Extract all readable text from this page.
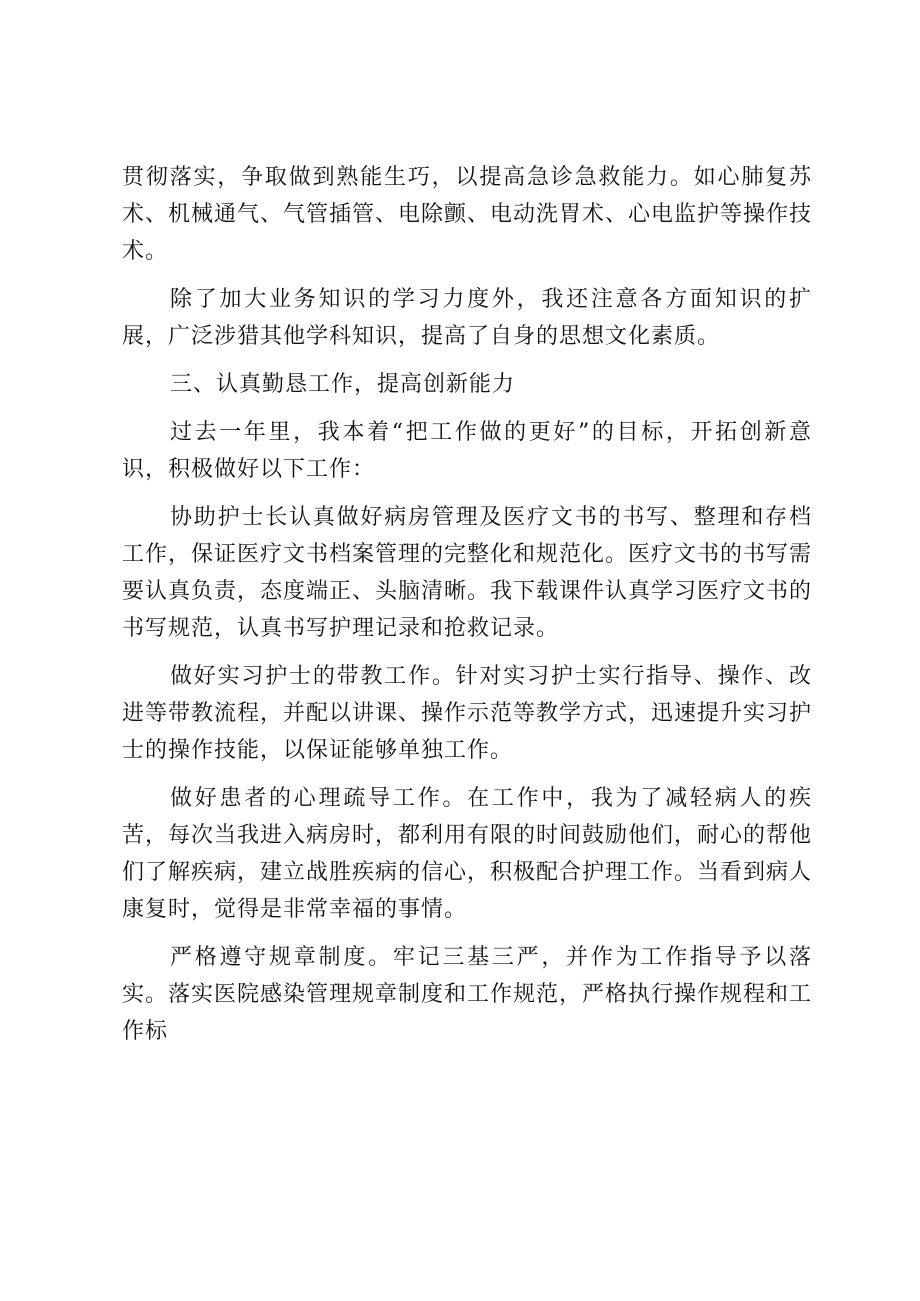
贯彻落实，争取做到熟能生巧，以提高急诊急救能力。如心肺复苏术、机械通气、气管插管、电除颤、电动洗胃术、心电监护等操作技术。

除了加大业务知识的学习力度外，我还注意各方面知识的扩展，广泛涉猎其他学科知识，提高了自身的思想文化素质。

三、认真勤恳工作，提高创新能力

过去一年里，我本着“把工作做的更好”的目标，开拓创新意识，积极做好以下工作：

协助护士长认真做好病房管理及医疗文书的书写、整理和存档工作，保证医疗文书档案管理的完整化和规范化。医疗文书的书写需要认真负责，态度端正、头脑清晰。我下载课件认真学习医疗文书的书写规范，认真书写护理记录和抢救记录。

做好实习护士的带教工作。针对实习护士实行指导、操作、改进等带教流程，并配以讲课、操作示范等教学方式，迅速提升实习护士的操作技能，以保证能够单独工作。

做好患者的心理疏导工作。在工作中，我为了减轻病人的疾苦，每次当我进入病房时，都利用有限的时间鼓励他们，耐心的帮他们了解疾病，建立战胜疾病的信心，积极配合护理工作。当看到病人康复时，觉得是非常幸福的事情。

严格遵守规章制度。牢记三基三严，并作为工作指导予以落实。落实医院感染管理规章制度和工作规范，严格执行操作规程和工作标
